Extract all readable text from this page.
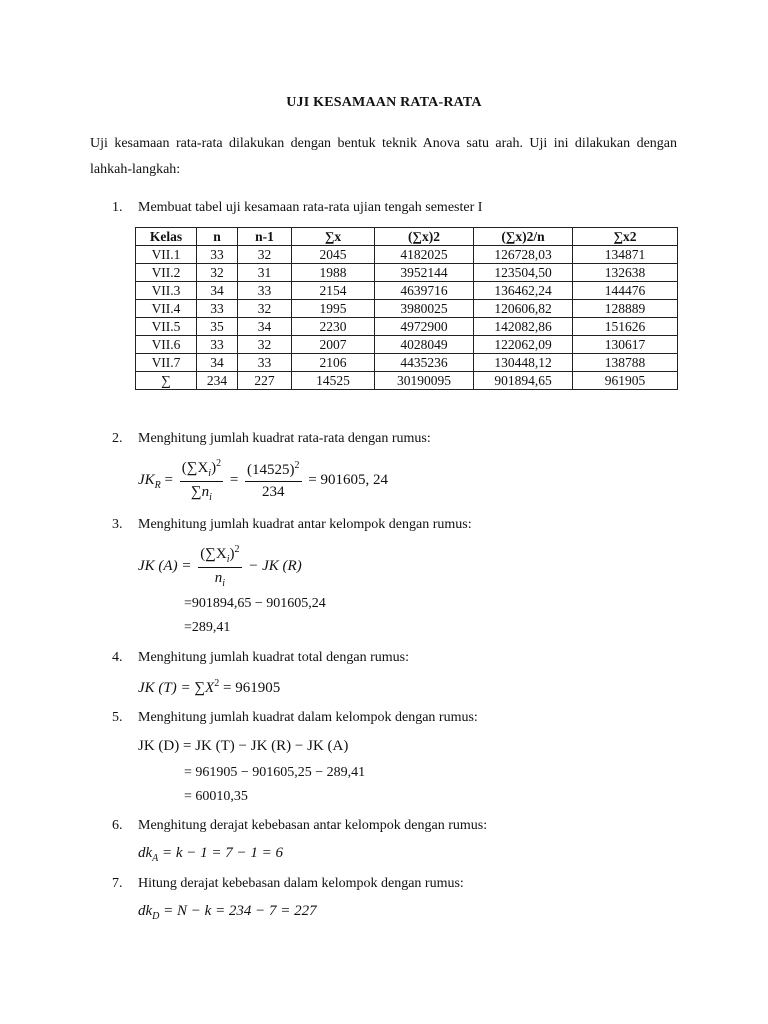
UJI KESAMAAN RATA-RATA
Uji kesamaan rata-rata dilakukan dengan bentuk teknik Anova satu arah. Uji ini dilakukan dengan lahkah-langkah:
1. Membuat tabel uji kesamaan rata-rata ujian tengah semester I
Kelas	n	n-1	∑x	(∑x)2	(∑x)2/n	∑x2
VII.1	33	32	2045	4182025	126728,03	134871
VII.2	32	31	1988	3952144	123504,50	132638
VII.3	34	33	2154	4639716	136462,24	144476
VII.4	33	32	1995	3980025	120606,82	128889
VII.5	35	34	2230	4972900	142082,86	151626
VII.6	33	32	2007	4028049	122062,09	130617
VII.7	34	33	2106	4435236	130448,12	138788
∑	234	227	14525	30190095	901894,65	961905
2. Menghitung jumlah kuadrat rata-rata dengan rumus:
$JK_R = \frac{(\sum X_i)^2}{\sum n_i} = \frac{(14525)^2}{234} = 901605$, 24
3. Menghitung jumlah kuadrat antar kelompok dengan rumus:
JK $(A) = \frac{(\sum X_i)^2}{n_i}$ − JK (R)
=901894,65 − 901605,24
=289,41
4. Menghitung jumlah kuadrat total dengan rumus:
JK $(T) = \sum X^2 = 961905$
5. Menghitung jumlah kuadrat dalam kelompok dengan rumus:
JK (D) = JK (T) − JK (R) − JK (A)
= 961905 − 901605,25 − 289,41
= 60010,35
6. Menghitung derajat kebebasan antar kelompok dengan rumus:
$dk_A = k - 1 = 7 - 1 = 6$
7. Hitung derajat kebebasan dalam kelompok dengan rumus:
$dk_D = N - k = 234 - 7 = 227$
